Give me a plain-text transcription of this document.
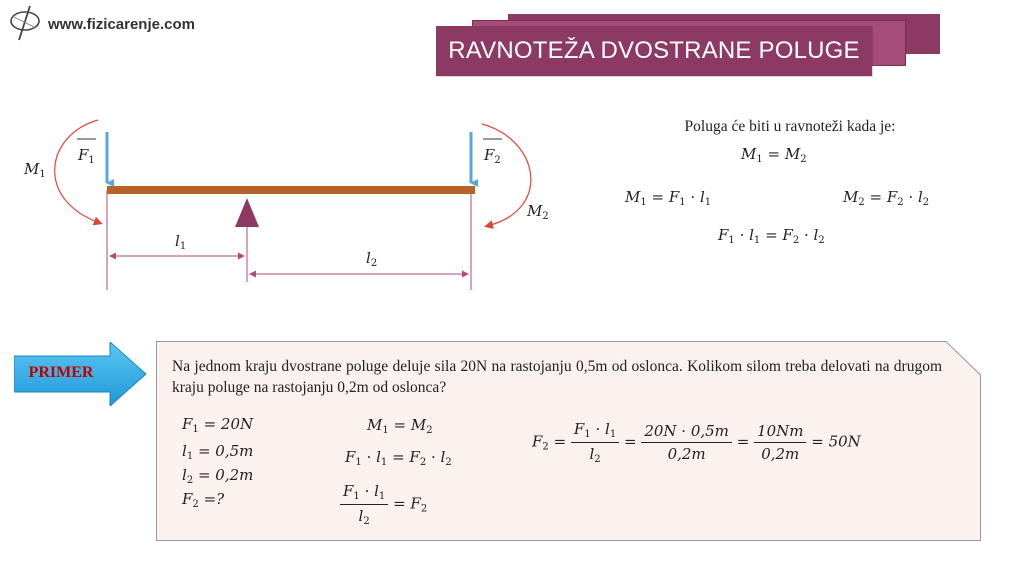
www.fizicarenje.com
RAVNOTEŽA DVOSTRANE POLUGE
$M_1$
$F_1$	$F_2$
$M_2$
$l_1$
$l_2$
Poluga će biti u ravnoteži kada je:
$M_1 = M_2$
$M_1 = F_1 \cdot l_1$	$M_2 = F_2 \cdot l_2$
$F_1 \cdot l_1 = F_2 \cdot l_2$
PRIMER	Na jednom kraju dvostrane poluge deluje sila 20N na rastojanju 0,5m od oslonca. Kolikom silom treba delovati na drugom kraju poluge na rastojanju 0,2m od oslonca?
$F_1 = 20N$
$l_1 = 0,5m$
$l_2 = 0,2m$
$F_2$ =?
$M_1 = M_2$
$F_1 \cdot l_1 = F_2 \cdot l_2$
$\frac{F_1 \cdot l_1}{l_2} = F_2$
$F_2 = \frac{F_1 \cdot l_1}{l_2} = \frac{20N \cdot 0,5m}{0,2m} = \frac{10Nm}{0,2m} = 50N$
